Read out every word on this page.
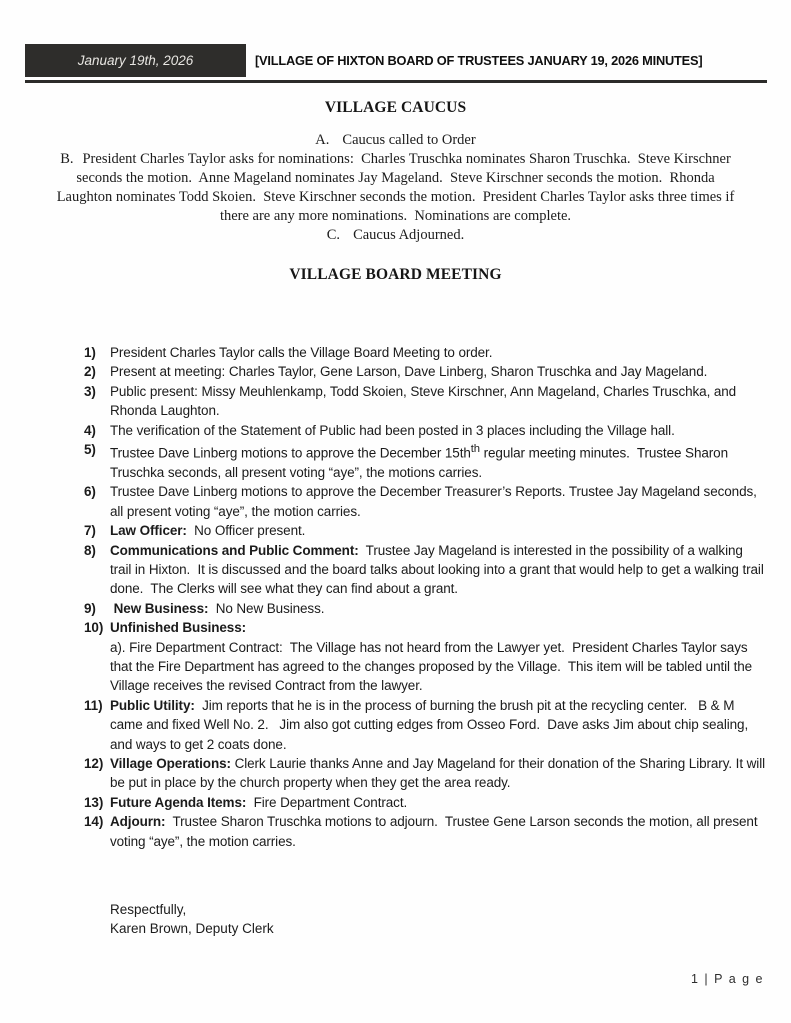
January 19th, 2026	[VILLAGE OF HIXTON BOARD OF TRUSTEES JANUARY 19, 2026 MINUTES]
VILLAGE CAUCUS

A. Caucus called to Order

B. President Charles Taylor asks for nominations:  Charles Truschka nominates Sharon Truschka.  Steve Kirschner seconds the motion.  Anne Mageland nominates Jay Mageland.  Steve Kirschner seconds the motion.  Rhonda Laughton nominates Todd Skoien.  Steve Kirschner seconds the motion.  President Charles Taylor asks three times if there are any more nominations.  Nominations are complete.

C. Caucus Adjourned.

VILLAGE BOARD MEETING
1)	President Charles Taylor calls the Village Board Meeting to order.
2)	Present at meeting: Charles Taylor, Gene Larson, Dave Linberg, Sharon Truschka and Jay Mageland.
3)	Public present: Missy Meuhlenkamp, Todd Skoien, Steve Kirschner, Ann Mageland, Charles Truschka, and Rhonda Laughton.
4)	The verification of the Statement of Public had been posted in 3 places including the Village hall.
5)	Trustee Dave Linberg motions to approve the December $15th^{th}$ regular meeting minutes.  Trustee Sharon Truschka seconds, all present voting “aye”, the motions carries.
6)	Trustee Dave Linberg motions to approve the December Treasurer’s Reports. Trustee Jay Mageland seconds, all present voting “aye”, the motion carries.
7)	Law Officer:  No Officer present.
8)	Communications and Public Comment:  Trustee Jay Mageland is interested in the possibility of a walking trail in Hixton.  It is discussed and the board talks about looking into a grant that would help to get a walking trail done.  The Clerks will see what they can find about a grant.
9)	New Business:  No New Business.
10) Unfinished Business:
a). Fire Department Contract:  The Village has not heard from the Lawyer yet.  President Charles Taylor says that the Fire Department has agreed to the changes proposed by the Village.  This item will be tabled until the Village receives the revised Contract from the lawyer.
11) Public Utility:  Jim reports that he is in the process of burning the brush pit at the recycling center.   B & M came and fixed Well No. 2.   Jim also got cutting edges from Osseo Ford.  Dave asks Jim about chip sealing, and ways to get 2 coats done.
12) Village Operations: Clerk Laurie thanks Anne and Jay Mageland for their donation of the Sharing Library. It will be put in place by the church property when they get the area ready.
13) Future Agenda Items:  Fire Department Contract.
14) Adjourn:  Trustee Sharon Truschka motions to adjourn.  Trustee Gene Larson seconds the motion, all present voting “aye”, the motion carries.
Respectfully,
Karen Brown, Deputy Clerk
1 | P a g e
